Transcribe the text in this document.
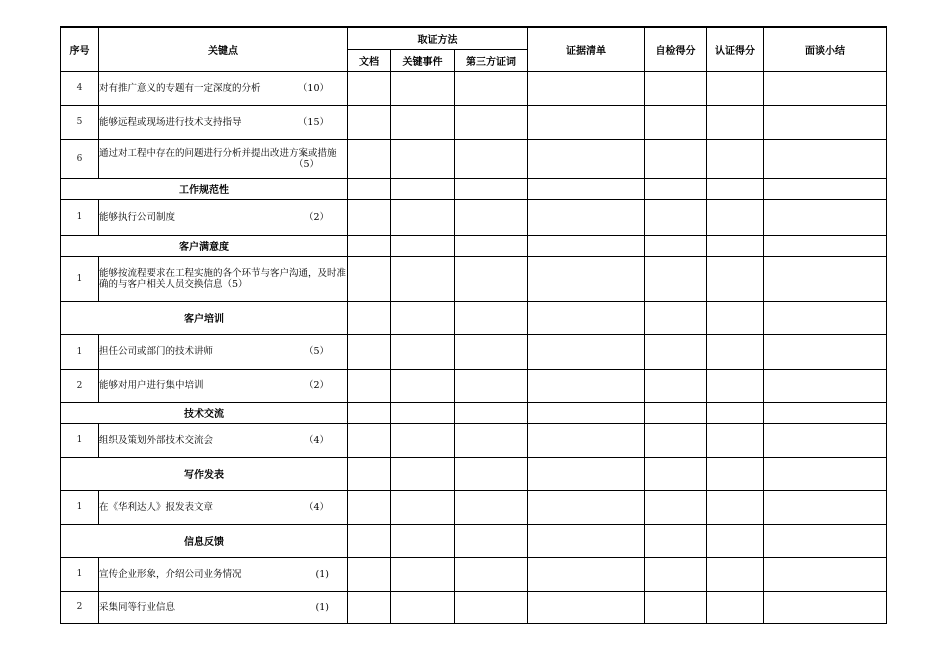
序号	关键点	取证方法			证据清单	自检得分	认证得分	面谈小结
		文档	关键事件	第三方证词				
4	对有推广意义的专题有一定深度的分析 （10）							

5	能够远程或现场进行技术支持指导 （15）							

6	通过对工程中存在的问题进行分析并提出改进方案或措施
（5）							

工作规范性								
1	能够执行公司制度 （2）							

客户满意度								
1	能够按流程要求在工程实施的各个环节与客户沟通，及时准确的与客户相关人员交换信息（5）							
客户培训								
1	担任公司或部门的技术讲师 （5）							

2	能够对用户进行集中培训 （2）							

技术交流								
1	组织及策划外部技术交流会 （4）							

写作发表								
1	在《华利达人》报发表文章 （4）							

信息反馈								
1	宣传企业形象，介绍公司业务情况 (1)							

2	采集同等行业信息 (1)							
